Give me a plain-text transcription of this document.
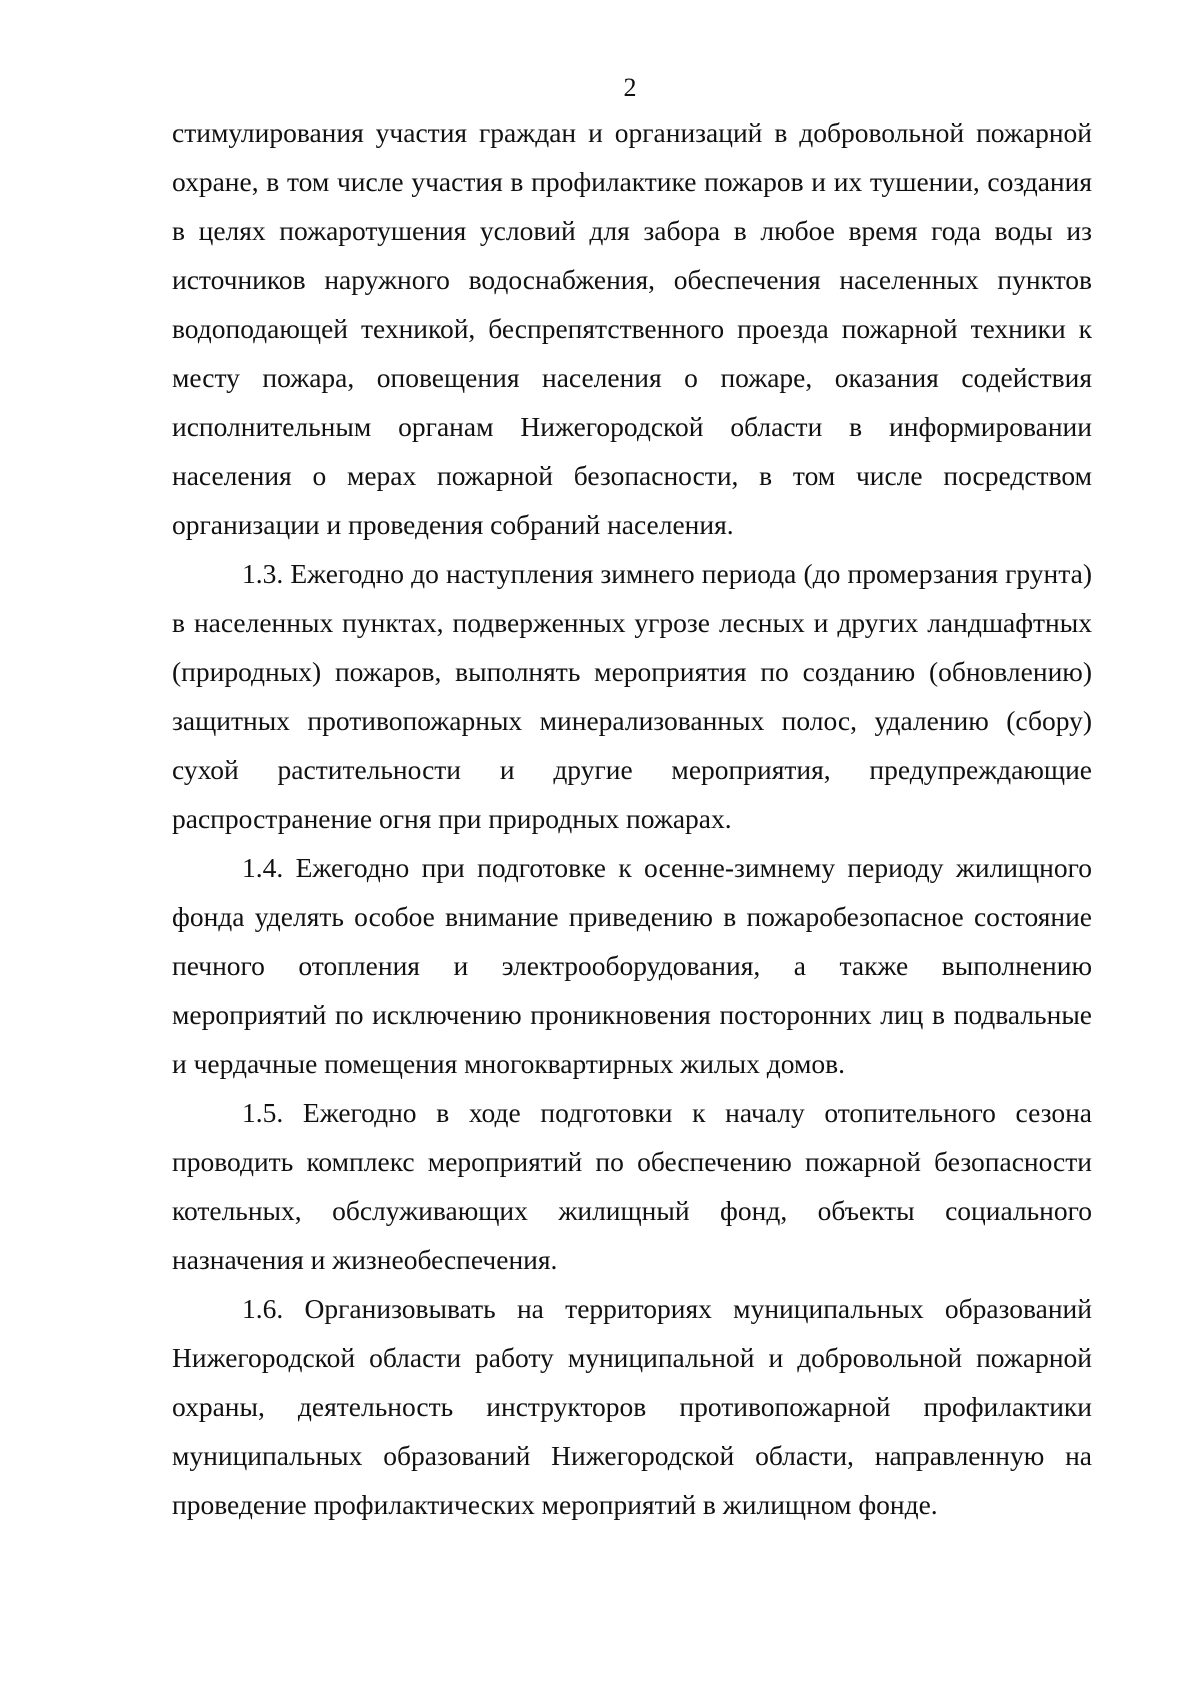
2

стимулирования участия граждан и организаций в добровольной пожарной охране, в том числе участия в профилактике пожаров и их тушении, создания в целях пожаротушения условий для забора в любое время года воды из источников наружного водоснабжения, обеспечения населенных пунктов водоподающей техникой, беспрепятственного проезда пожарной техники к месту пожара, оповещения населения о пожаре, оказания содействия исполнительным органам Нижегородской области в информировании населения о мерах пожарной безопасности, в том числе посредством организации и проведения собраний населения.

1.3. Ежегодно до наступления зимнего периода (до промерзания грунта) в населенных пунктах, подверженных угрозе лесных и других ландшафтных (природных) пожаров, выполнять мероприятия по созданию (обновлению) защитных противопожарных минерализованных полос, удалению (сбору) сухой растительности и другие мероприятия, предупреждающие распространение огня при природных пожарах.

1.4. Ежегодно при подготовке к осенне-зимнему периоду жилищного фонда уделять особое внимание приведению в пожаробезопасное состояние печного отопления и электрооборудования, а также выполнению мероприятий по исключению проникновения посторонних лиц в подвальные и чердачные помещения многоквартирных жилых домов.

1.5. Ежегодно в ходе подготовки к началу отопительного сезона проводить комплекс мероприятий по обеспечению пожарной безопасности котельных, обслуживающих жилищный фонд, объекты социального назначения и жизнеобеспечения.

1.6. Организовывать на территориях муниципальных образований Нижегородской области работу муниципальной и добровольной пожарной охраны, деятельность инструкторов противопожарной профилактики муниципальных образований Нижегородской области, направленную на проведение профилактических мероприятий в жилищном фонде.
